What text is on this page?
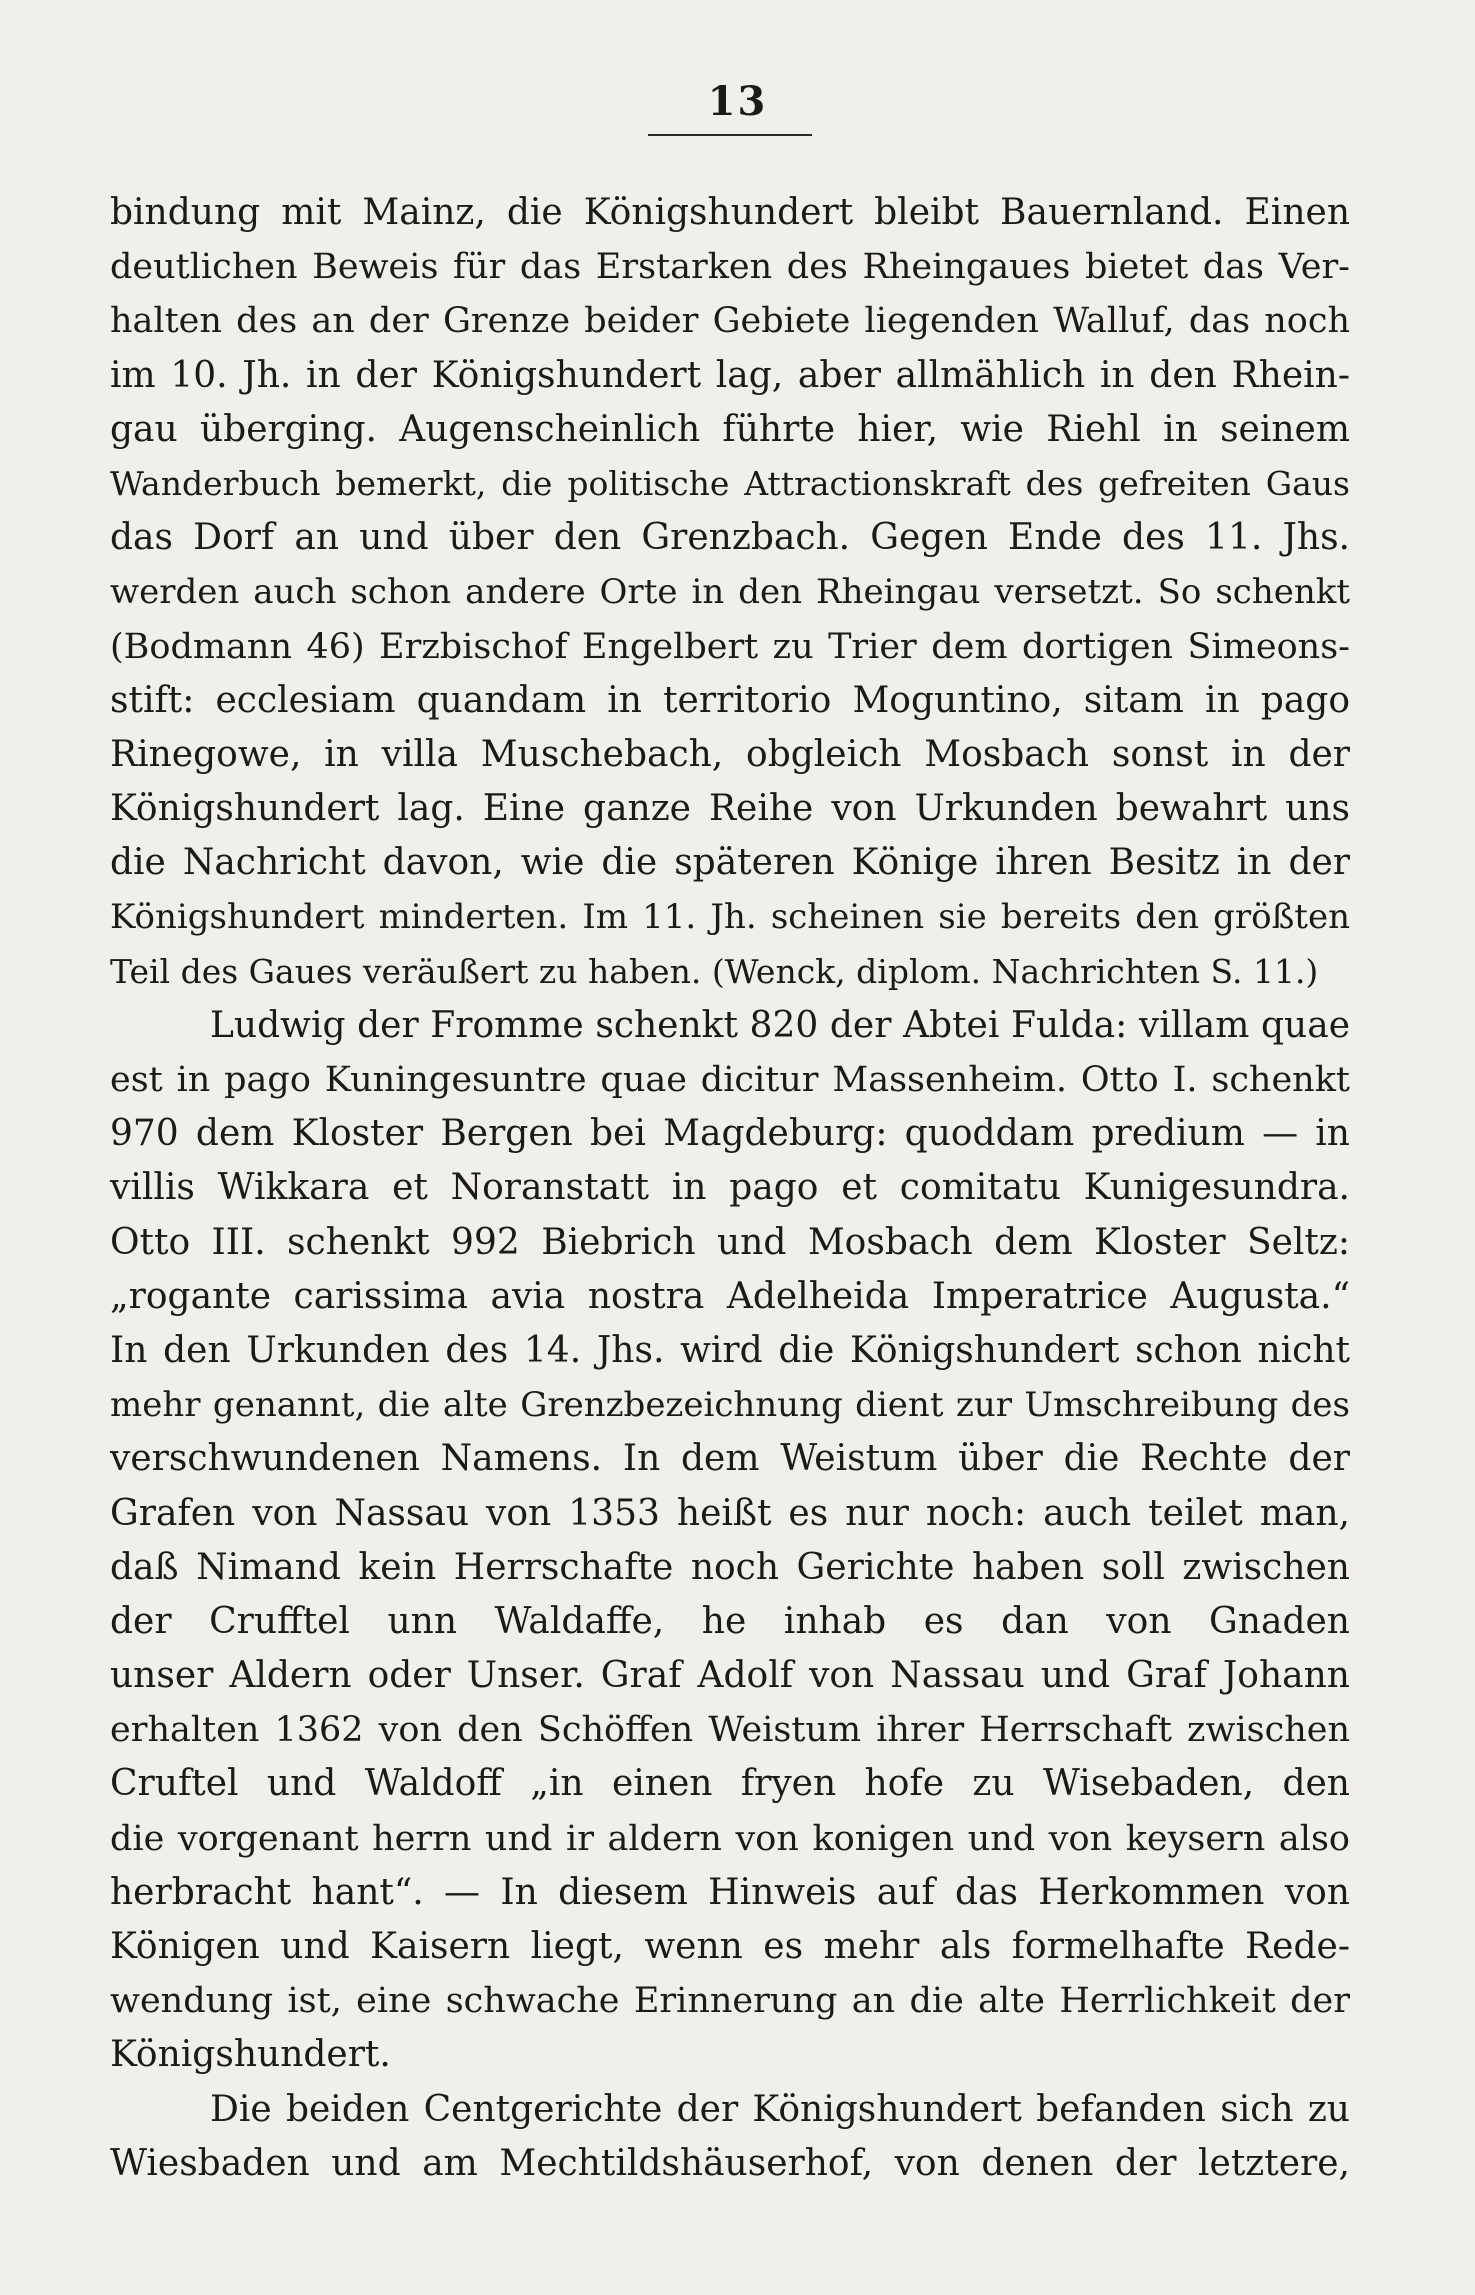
13
bindung mit Mainz, die Königshundert bleibt Bauernland. Einen
deutlichen Beweis für das Erstarken des Rheingaues bietet das Ver-
halten des an der Grenze beider Gebiete liegenden Walluf, das noch
im 10. Jh. in der Königshundert lag, aber allmählich in den Rhein-
gau überging. Augenscheinlich führte hier, wie Riehl in seinem
Wanderbuch bemerkt, die politische Attractionskraft des gefreiten Gaus
das Dorf an und über den Grenzbach. Gegen Ende des 11. Jhs.
werden auch schon andere Orte in den Rheingau versetzt. So schenkt
(Bodmann 46) Erzbischof Engelbert zu Trier dem dortigen Simeons-
stift: ecclesiam quandam in territorio Moguntino, sitam in pago
Rinegowe, in villa Muschebach, obgleich Mosbach sonst in der
Königshundert lag. Eine ganze Reihe von Urkunden bewahrt uns
die Nachricht davon, wie die späteren Könige ihren Besitz in der
Königshundert minderten. Im 11. Jh. scheinen sie bereits den größten
Teil des Gaues veräußert zu haben. (Wenck, diplom. Nachrichten S. 11.)
Ludwig der Fromme schenkt 820 der Abtei Fulda: villam quae
est in pago Kuningesuntre quae dicitur Massenheim. Otto I. schenkt
970 dem Kloster Bergen bei Magdeburg: quoddam predium — in
villis Wikkara et Noranstatt in pago et comitatu Kunigesundra.
Otto III. schenkt 992 Biebrich und Mosbach dem Kloster Seltz:
„rogante carissima avia nostra Adelheida Imperatrice Augusta.“
In den Urkunden des 14. Jhs. wird die Königshundert schon nicht
mehr genannt, die alte Grenzbezeichnung dient zur Umschreibung des
verschwundenen Namens. In dem Weistum über die Rechte der
Grafen von Nassau von 1353 heißt es nur noch: auch teilet man,
daß Nimand kein Herrschafte noch Gerichte haben soll zwischen
der Crufftel unn Waldaffe, he inhab es dan von Gnaden
unser Aldern oder Unser. Graf Adolf von Nassau und Graf Johann
erhalten 1362 von den Schöffen Weistum ihrer Herrschaft zwischen
Cruftel und Waldoff „in einen fryen hofe zu Wisebaden, den
die vorgenant herrn und ir aldern von konigen und von keysern also
herbracht hant“. — In diesem Hinweis auf das Herkommen von
Königen und Kaisern liegt, wenn es mehr als formelhafte Rede-
wendung ist, eine schwache Erinnerung an die alte Herrlichkeit der
Königshundert.
Die beiden Centgerichte der Königshundert befanden sich zu
Wiesbaden und am Mechtildshäuserhof, von denen der letztere,
